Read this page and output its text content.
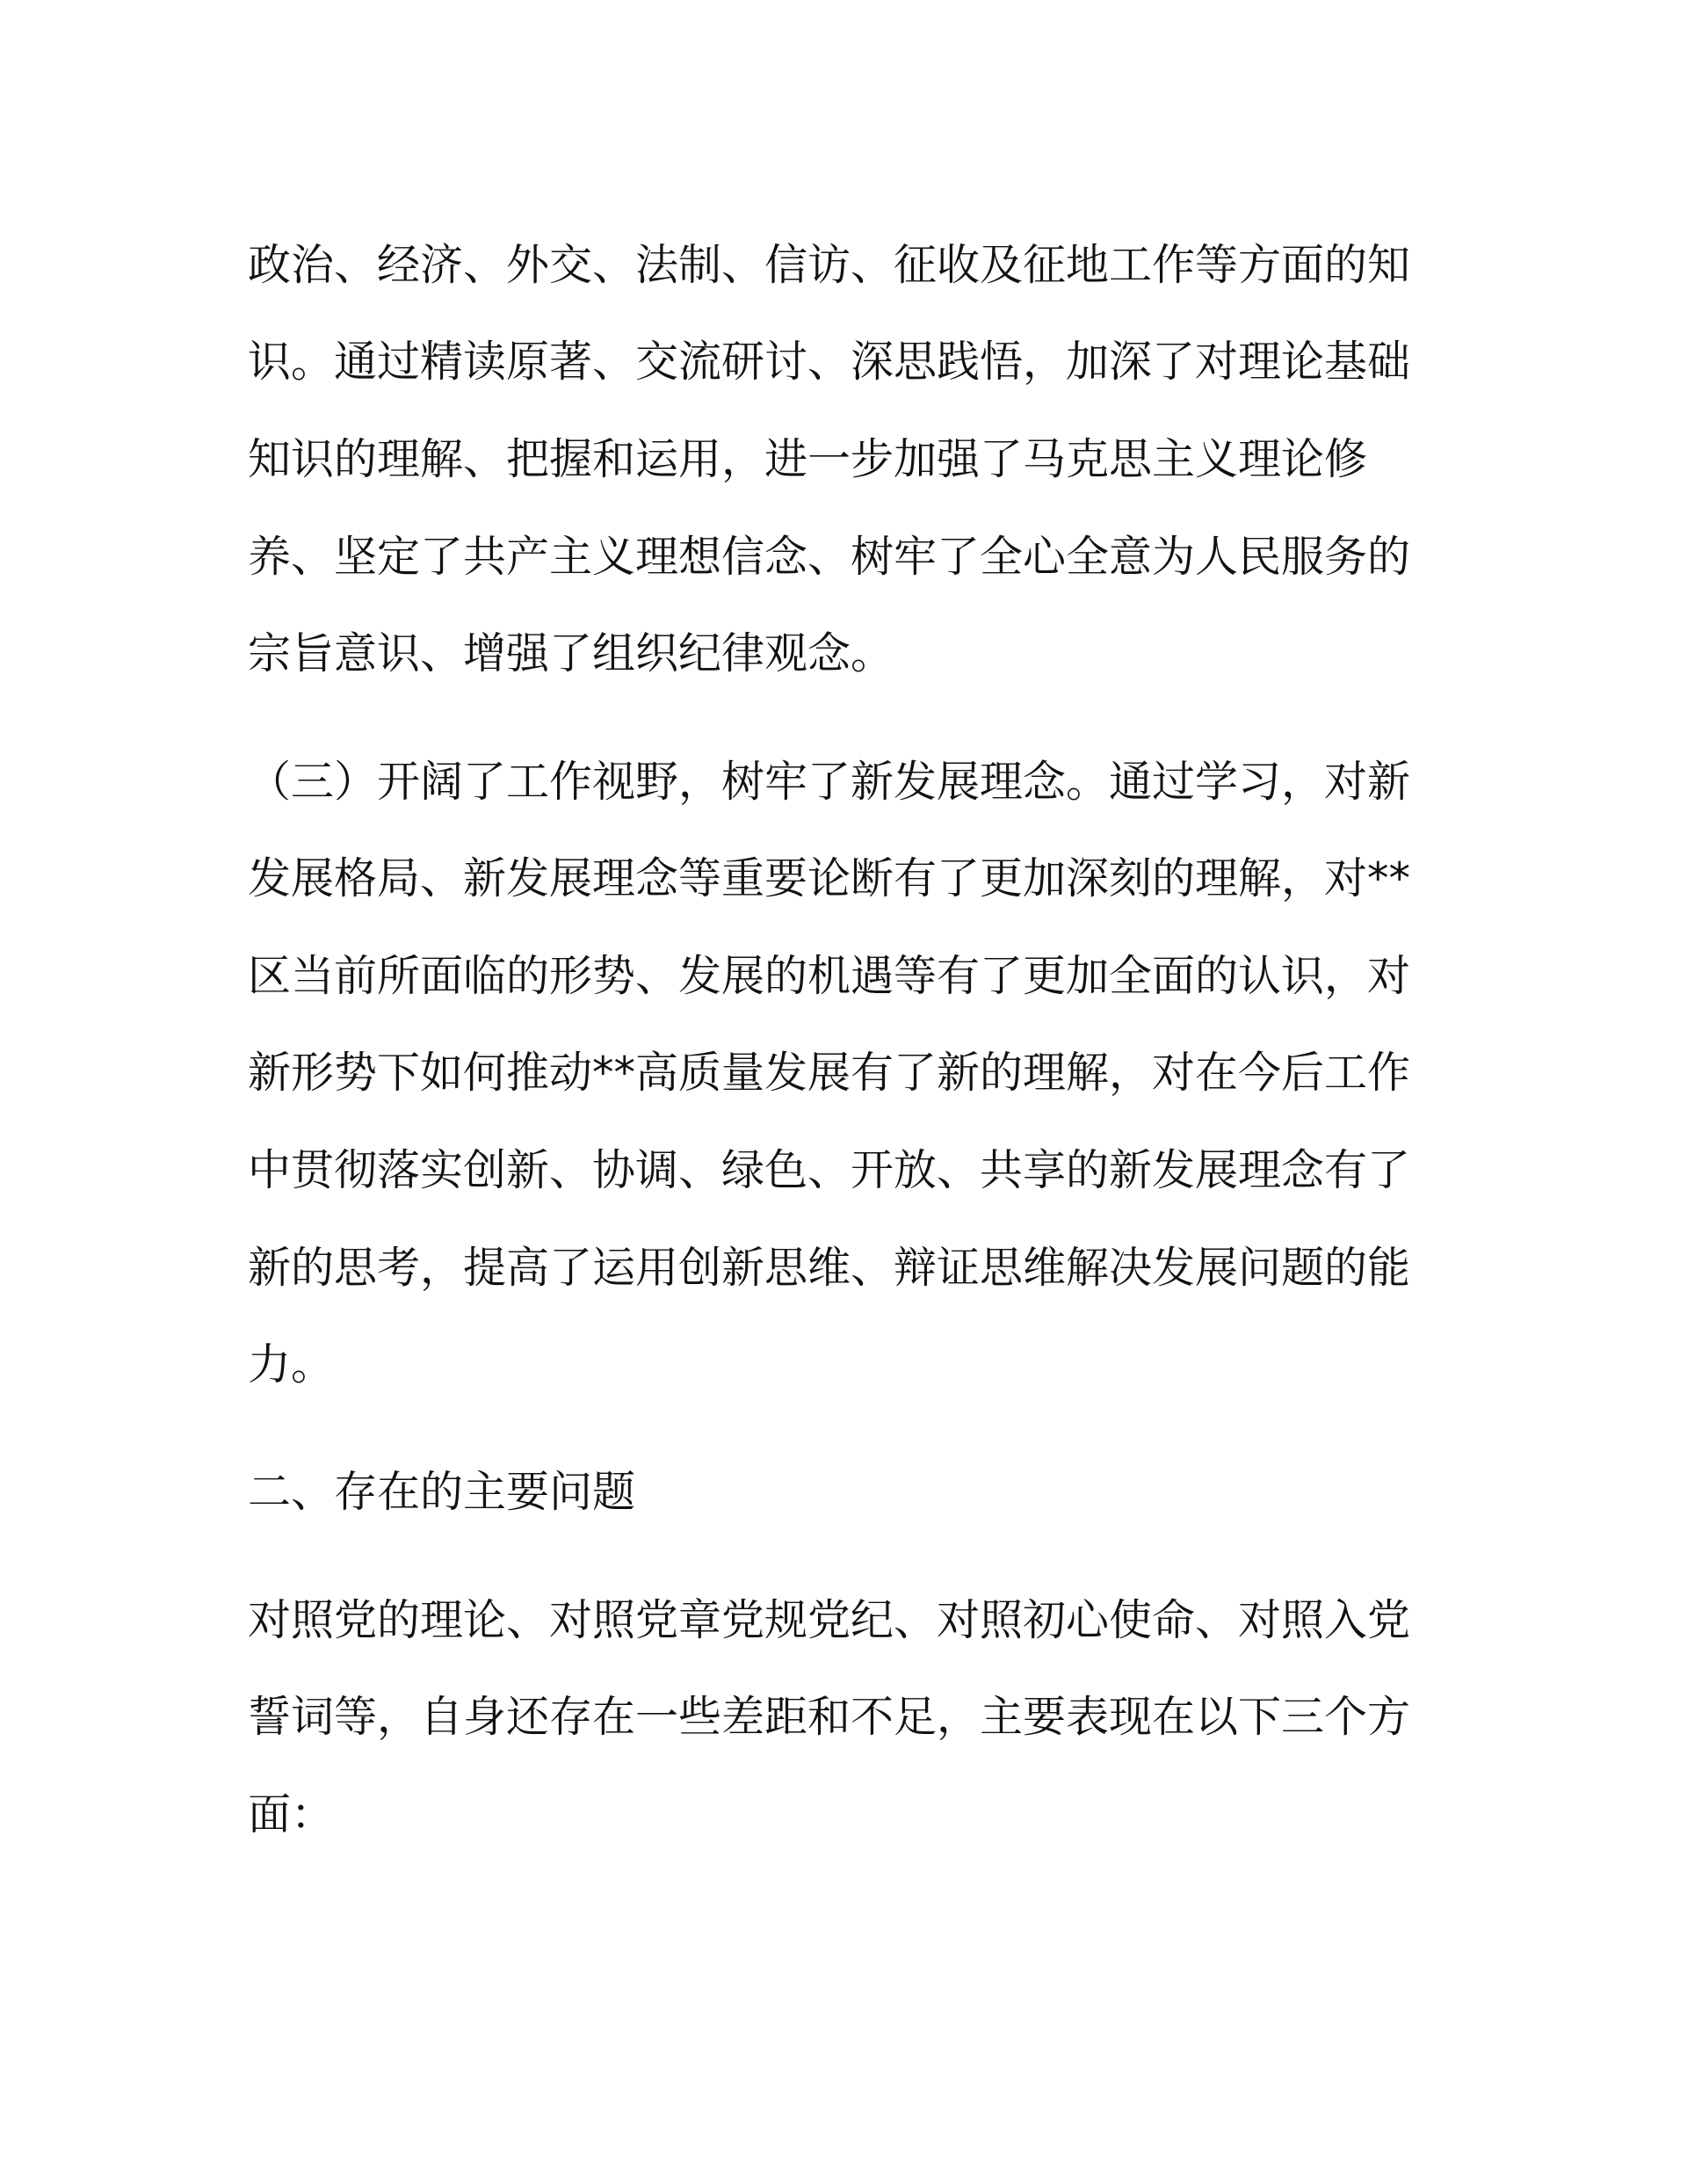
政治、经济、外交、法制、信访、征收及征地工作等方面的知

识。通过精读原著、交流研讨、深思践悟，加深了对理论基础

知识的理解、把握和运用，进一步加强了马克思主义理论修

养、坚定了共产主义理想信念、树牢了全心全意为人民服务的

宗旨意识、增强了组织纪律观念。

（三）开阔了工作视野，树牢了新发展理念。通过学习，对新

发展格局、新发展理念等重要论断有了更加深刻的理解，对**

区当前所面临的形势、发展的机遇等有了更加全面的认识，对

新形势下如何推动**高质量发展有了新的理解，对在今后工作

中贯彻落实创新、协调、绿色、开放、共享的新发展理念有了

新的思考，提高了运用创新思维、辩证思维解决发展问题的能

力。

二、存在的主要问题

对照党的理论、对照党章党规党纪、对照初心使命、对照入党

誓词等，自身还存在一些差距和不足，主要表现在以下三个方

面：
